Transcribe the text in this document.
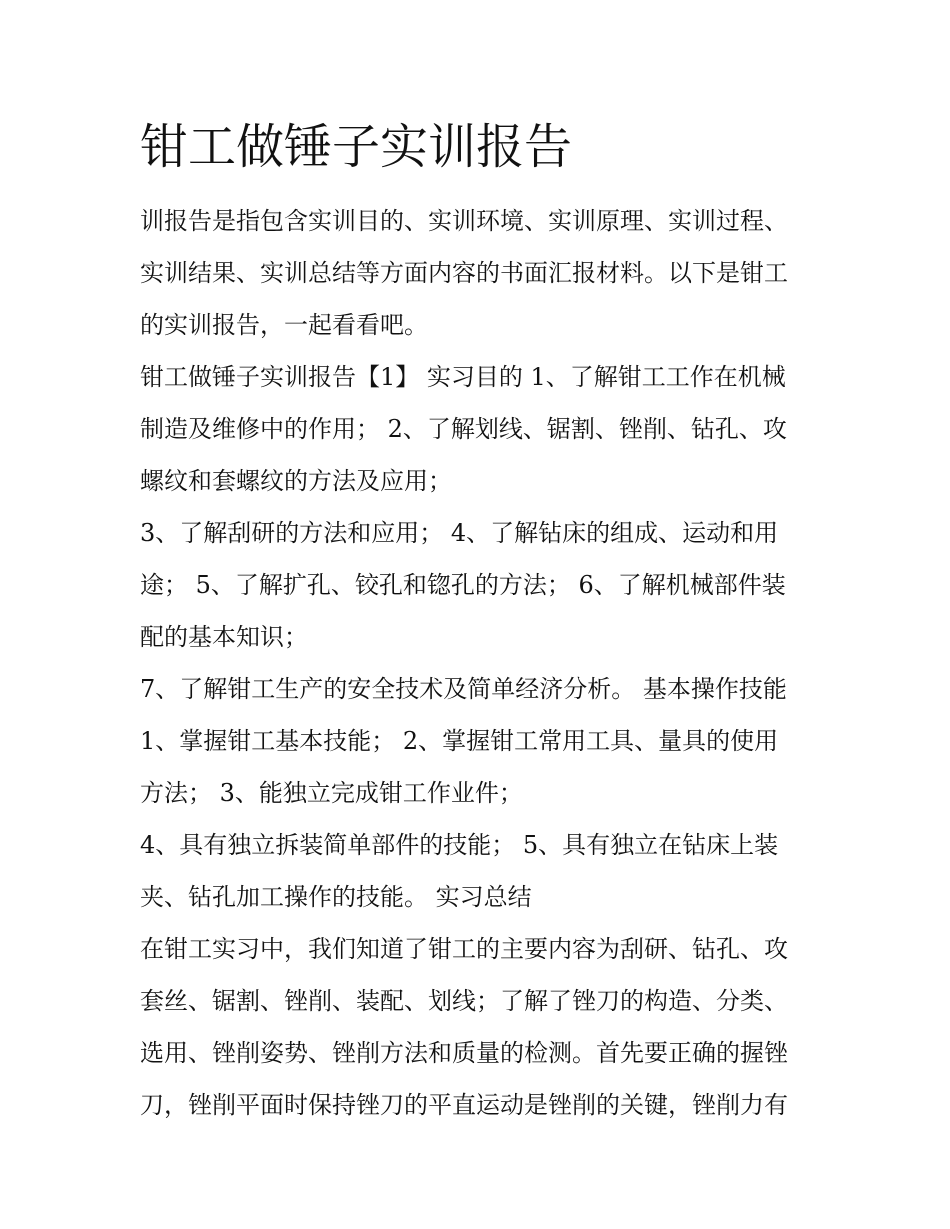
钳工做锤子实训报告

训报告是指包含实训目的、实训环境、实训原理、实训过程、

实训结果、实训总结等方面内容的书面汇报材料。以下是钳工

的实训报告，一起看看吧。

钳工做锤子实训报告【1】 实习目的 1、了解钳工工作在机械

制造及维修中的作用； 2、了解划线、锯割、锉削、钻孔、攻

螺纹和套螺纹的方法及应用；

3、了解刮研的方法和应用； 4、了解钻床的组成、运动和用

途； 5、了解扩孔、铰孔和锪孔的方法； 6、了解机械部件装

配的基本知识；

7、了解钳工生产的安全技术及简单经济分析。 基本操作技能

1、掌握钳工基本技能； 2、掌握钳工常用工具、量具的使用

方法； 3、能独立完成钳工作业件；

4、具有独立拆装简单部件的技能； 5、具有独立在钻床上装

夹、钻孔加工操作的技能。 实习总结

在钳工实习中，我们知道了钳工的主要内容为刮研、钻孔、攻

套丝、锯割、锉削、装配、划线；了解了锉刀的构造、分类、

选用、锉削姿势、锉削方法和质量的检测。首先要正确的握锉

刀，锉削平面时保持锉刀的平直运动是锉削的关键，锉削力有
